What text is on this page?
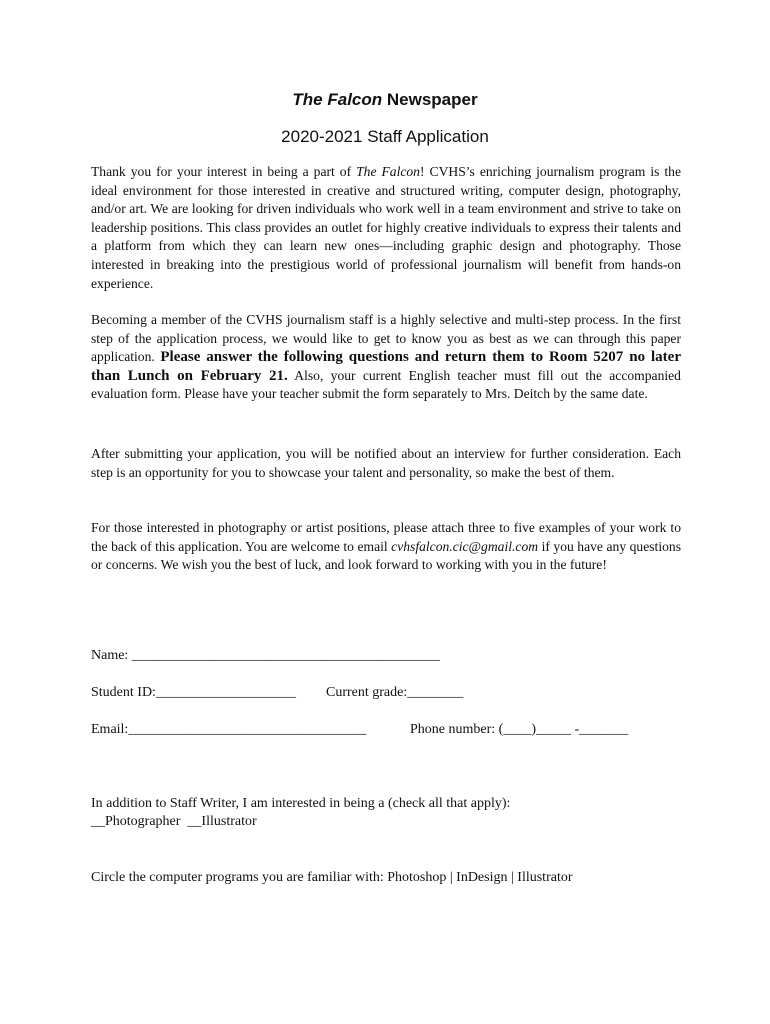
The Falcon Newspaper
2020-2021 Staff Application

Thank you for your interest in being a part of The Falcon! CVHS’s enriching journalism program is the ideal environment for those interested in creative and structured writing, computer design, photography, and/or art. We are looking for driven individuals who work well in a team environment and strive to take on leadership positions. This class provides an outlet for highly creative individuals to express their talents and a platform from which they can learn new ones—including graphic design and photography. Those interested in breaking into the prestigious world of professional journalism will benefit from hands-on experience.

Becoming a member of the CVHS journalism staff is a highly selective and multi-step process. In the first step of the application process, we would like to get to know you as best as we can through this paper application. Please answer the following questions and return them to Room 5207 no later than Lunch on February 21. Also, your current English teacher must fill out the accompanied evaluation form. Please have your teacher submit the form separately to Mrs. Deitch by the same date.

After submitting your application, you will be notified about an interview for further consideration. Each step is an opportunity for you to showcase your talent and personality, so make the best of them.

For those interested in photography or artist positions, please attach three to five examples of your work to the back of this application. You are welcome to email cvhsfalcon.cic@gmail.com if you have any questions or concerns. We wish you the best of luck, and look forward to working with you in the future!

Name: ____________________________________________
Student ID:____________________ Current grade:________
Email:__________________________________	Phone number: (____)_____ -_______
In addition to Staff Writer, I am interested in being a (check all that apply):
__Photographer  __Illustrator
Circle the computer programs you are familiar with: Photoshop | InDesign | Illustrator
